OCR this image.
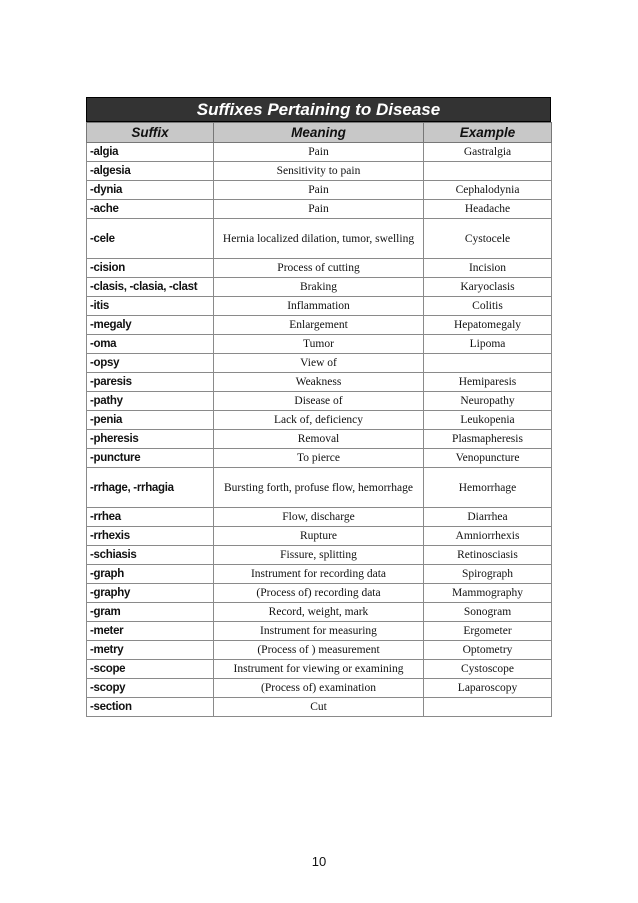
Suffixes Pertaining to Disease
Suffix	Meaning	Example
-algia	Pain	Gastralgia
-algesia	Sensitivity to pain	
-dynia	Pain	Cephalodynia
-ache	Pain	Headache
-cele	Hernia localized dilation, tumor, swelling	Cystocele
-cision	Process of cutting	Incision
-clasis, -clasia, -clast	Braking	Karyoclasis
-itis	Inflammation	Colitis
-megaly	Enlargement	Hepatomegaly
-oma	Tumor	Lipoma
-opsy	View of	
-paresis	Weakness	Hemiparesis
-pathy	Disease of	Neuropathy
-penia	Lack of, deficiency	Leukopenia
-pheresis	Removal	Plasmapheresis
-puncture	To pierce	Venopuncture
-rrhage, -rrhagia	Bursting forth, profuse flow, hemorrhage	Hemorrhage
-rrhea	Flow, discharge	Diarrhea
-rrhexis	Rupture	Amniorrhexis
-schiasis	Fissure, splitting	Retinosciasis
-graph	Instrument for recording data	Spirograph
-graphy	(Process of) recording data	Mammography
-gram	Record, weight, mark	Sonogram
-meter	Instrument for measuring	Ergometer
-metry	(Process of ) measurement	Optometry
-scope	Instrument for viewing or examining	Cystoscope
-scopy	(Process of) examination	Laparoscopy
-section	Cut	
10
